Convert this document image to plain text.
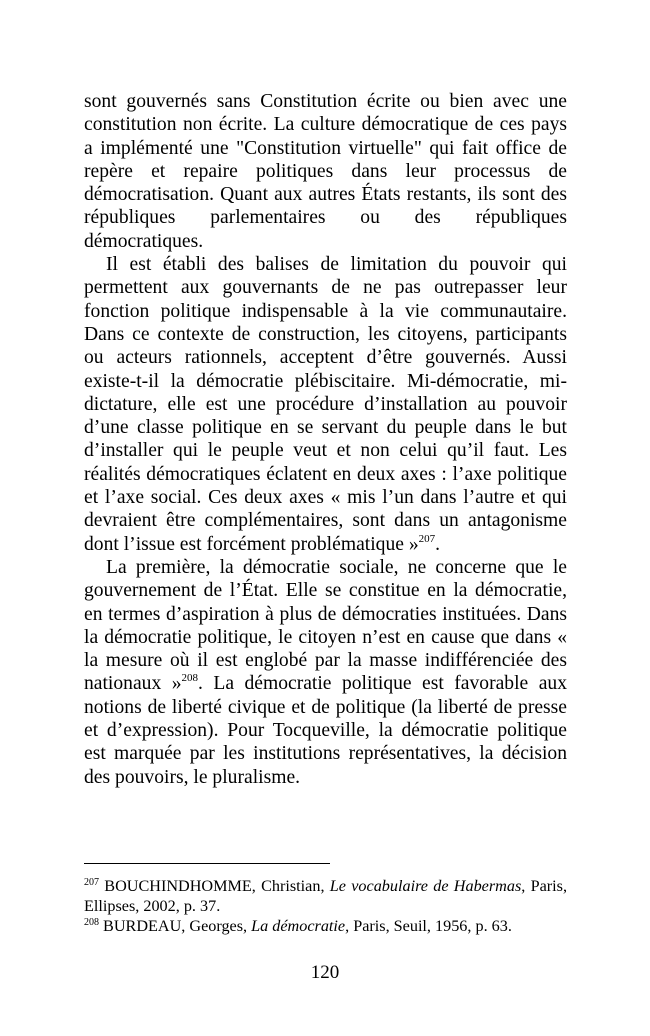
sont gouvernés sans Constitution écrite ou bien avec une constitution non écrite. La culture démocratique de ces pays a implémenté une "Constitution virtuelle" qui fait office de repère et repaire politiques dans leur processus de démocratisation. Quant aux autres États restants, ils sont des républiques parlementaires ou des républiques démocratiques.

Il est établi des balises de limitation du pouvoir qui permettent aux gouvernants de ne pas outrepasser leur fonction politique indispensable à la vie communautaire. Dans ce contexte de construction, les citoyens, participants ou acteurs rationnels, acceptent d’être gouvernés. Aussi existe-t-il la démocratie plébiscitaire. Mi-démocratie, mi-dictature, elle est une procédure d’installation au pouvoir d’une classe politique en se servant du peuple dans le but d’installer qui le peuple veut et non celui qu’il faut. Les réalités démocratiques éclatent en deux axes : l’axe politique et l’axe social. Ces deux axes « mis l’un dans l’autre et qui devraient être complémentaires, sont dans un antagonisme dont l’issue est forcément problématique »$^{207}$.

La première, la démocratie sociale, ne concerne que le gouvernement de l’État. Elle se constitue en la démocratie, en termes d’aspiration à plus de démocraties instituées. Dans la démocratie politique, le citoyen n’est en cause que dans « la mesure où il est englobé par la masse indifférenciée des nationaux »$^{208}$. La démocratie politique est favorable aux notions de liberté civique et de politique (la liberté de presse et d’expression). Pour Tocqueville, la démocratie politique est marquée par les institutions représentatives, la décision des pouvoirs, le pluralisme.

$^{207}$ BOUCHINDHOMME, Christian, Le vocabulaire de Habermas, Paris, Ellipses, 2002, p. 37.

$^{208}$ BURDEAU, Georges, La démocratie, Paris, Seuil, 1956, p. 63.

120
